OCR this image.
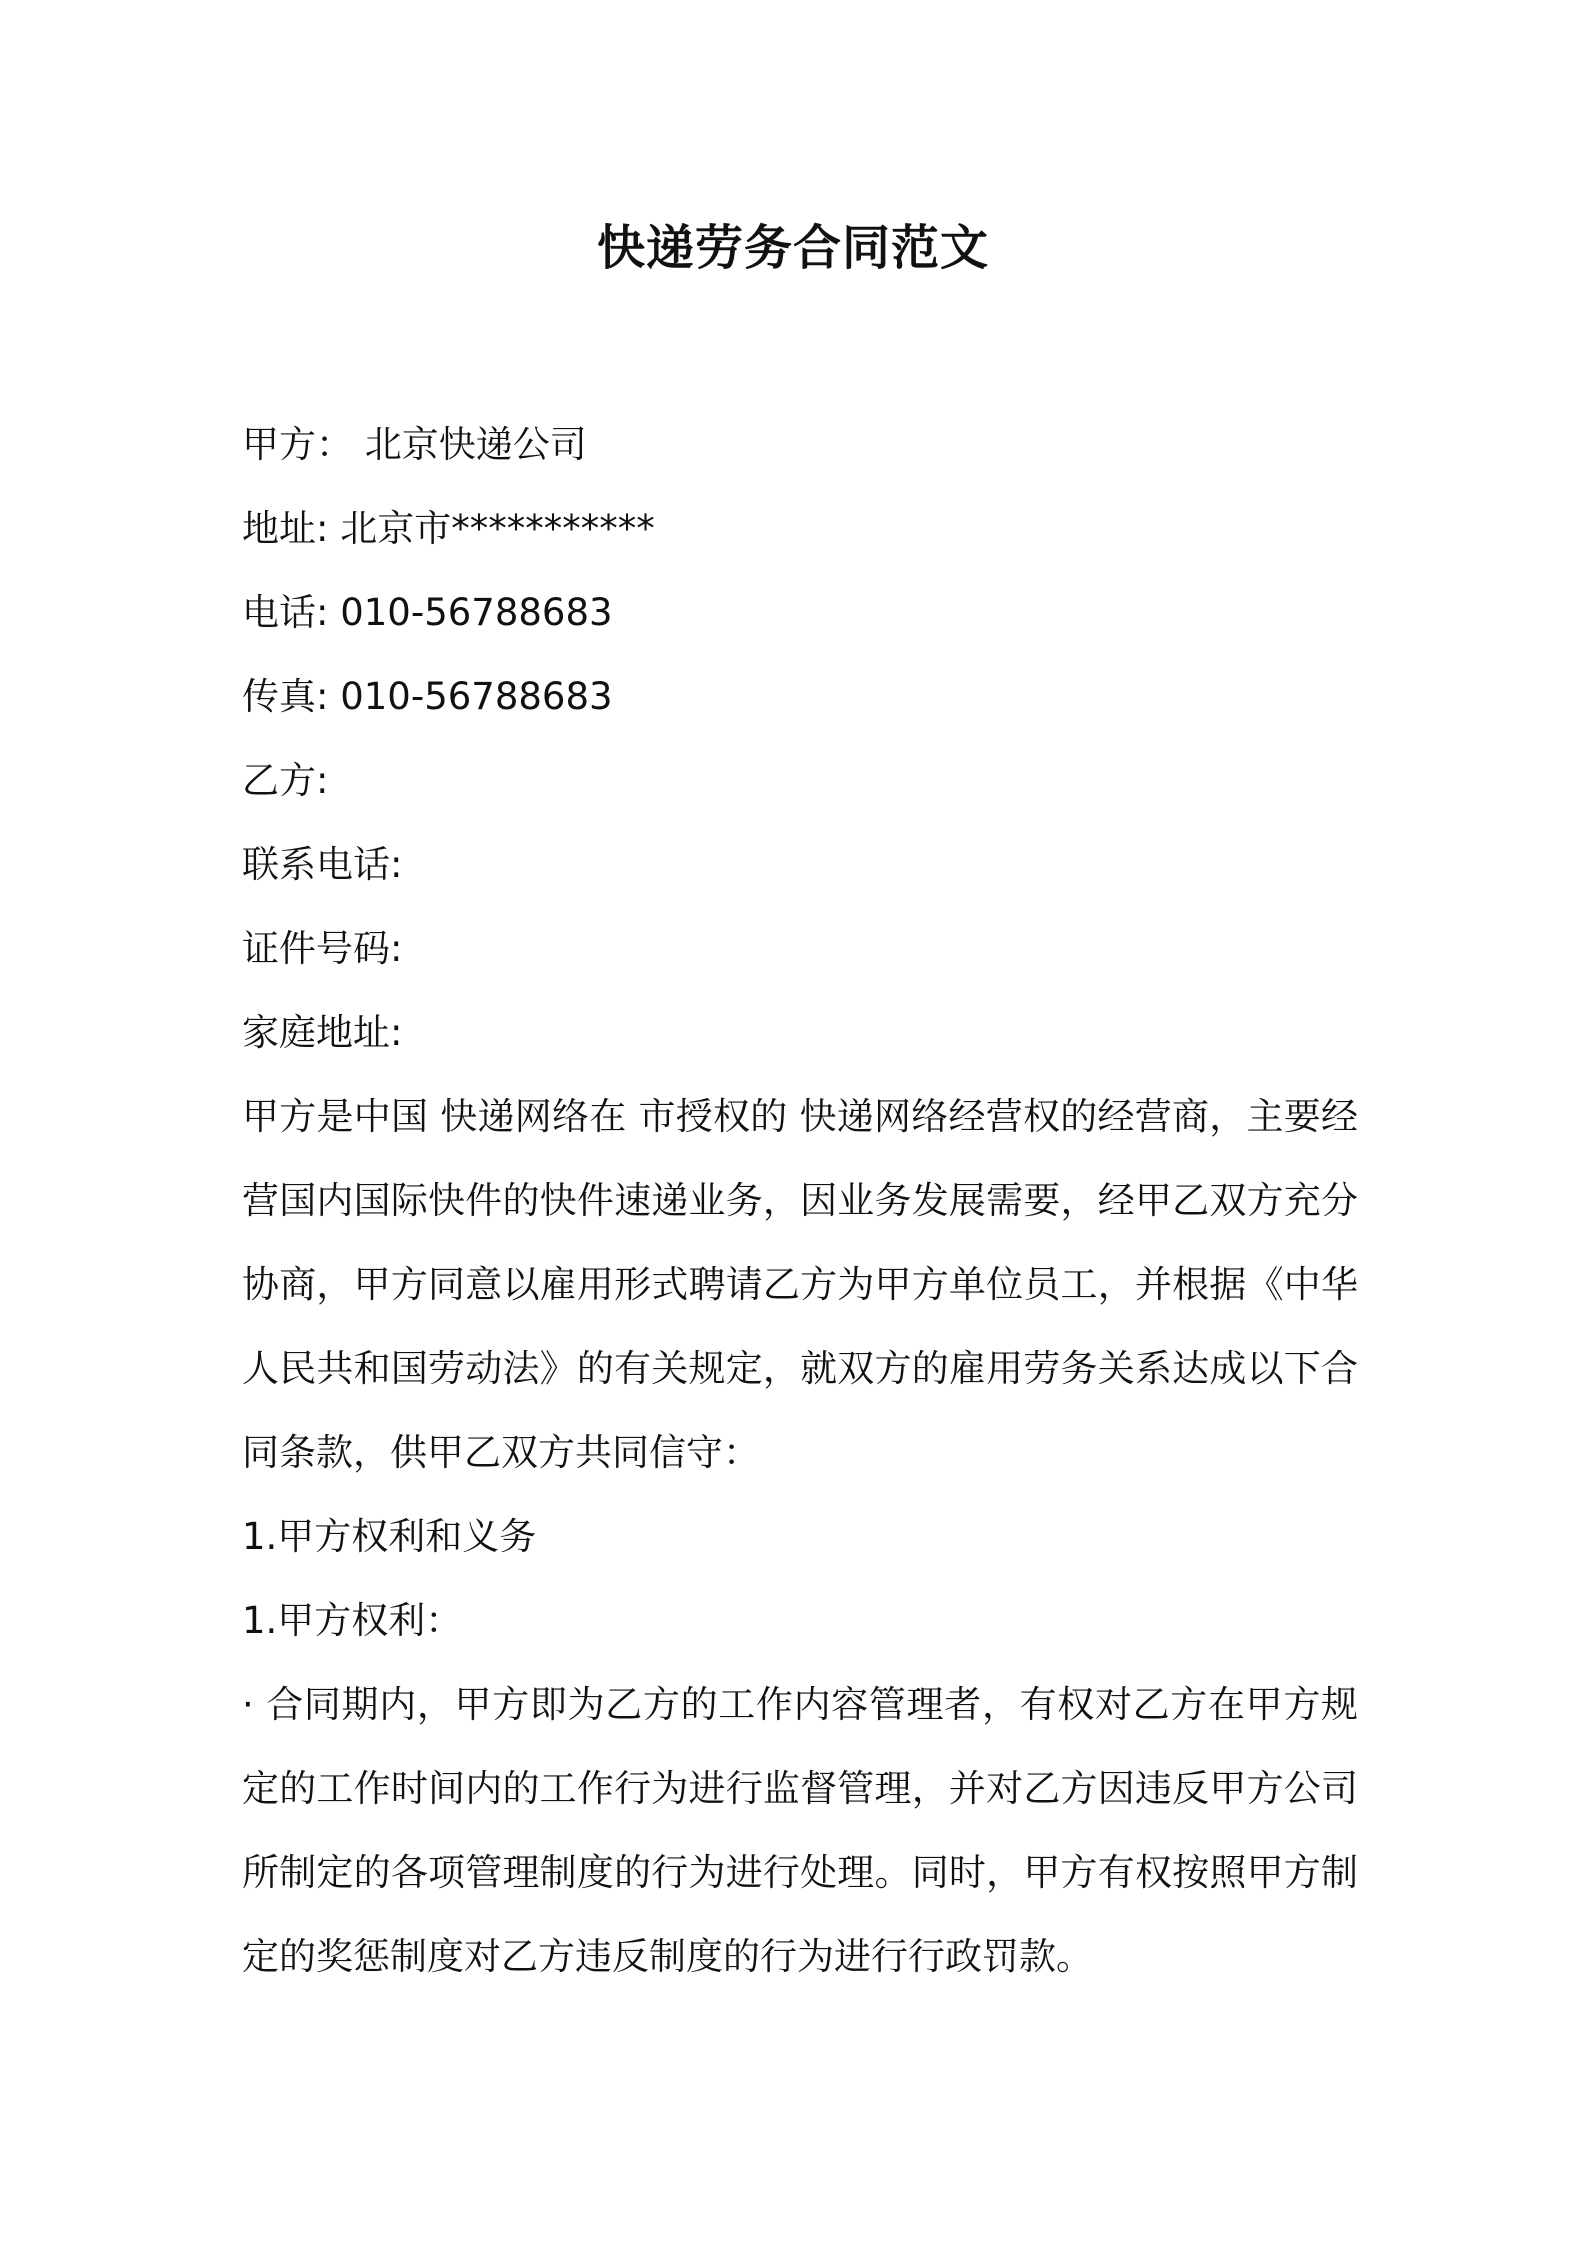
快递劳务合同范文
甲方： 北京快递公司
地址: 北京市***********
电话: 010-56788683
传真: 010-56788683
乙方:
联系电话:
证件号码:
家庭地址:
甲方是中国 快递网络在 市授权的 快递网络经营权的经营商，主要经营国内国际快件的快件速递业务，因业务发展需要，经甲乙双方充分协商，甲方同意以雇用形式聘请乙方为甲方单位员工，并根据《中华人民共和国劳动法》的有关规定，就双方的雇用劳务关系达成以下合同条款，供甲乙双方共同信守：
1.甲方权利和义务
1.甲方权利：
· 合同期内，甲方即为乙方的工作内容管理者，有权对乙方在甲方规定的工作时间内的工作行为进行监督管理，并对乙方因违反甲方公司所制定的各项管理制度的行为进行处理。同时，甲方有权按照甲方制定的奖惩制度对乙方违反制度的行为进行行政罚款。
